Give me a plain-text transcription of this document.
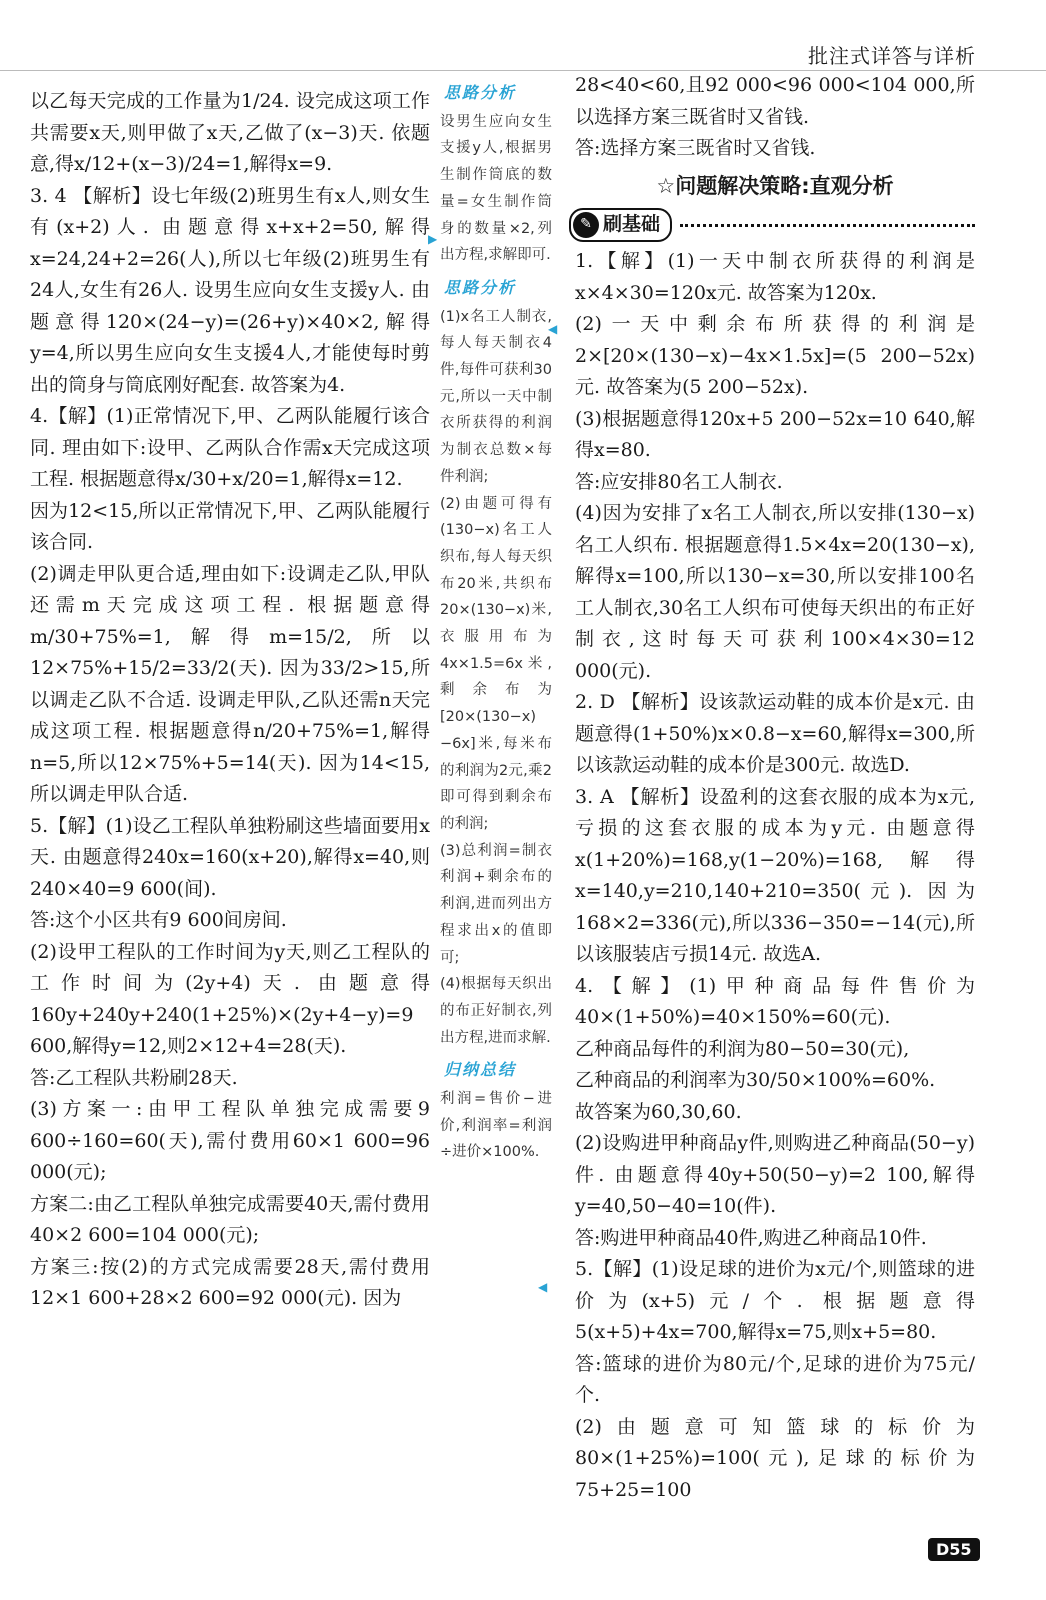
批注式详答与详析

以乙每天完成的工作量为1/24. 设完成这项工作共需要x天,则甲做了x天,乙做了(x−3)天. 依题意,得x/12+(x−3)/24=1,解得x=9.

3. 4 【解析】设七年级(2)班男生有x人,则女生有(x+2)人. 由题意得x+x+2=50,解得x=24,24+2=26(人),所以七年级(2)班男生有24人,女生有26人. 设男生应向女生支援y人. 由题意得120×(24−y)=(26+y)×40×2,解得y=4,所以男生应向女生支援4人,才能使每时剪出的筒身与筒底刚好配套. 故答案为4.

4.【解】(1)正常情况下,甲、乙两队能履行该合同. 理由如下:设甲、乙两队合作需x天完成这项工程. 根据题意得x/30+x/20=1,解得x=12.

因为12<15,所以正常情况下,甲、乙两队能履行该合同.

(2)调走甲队更合适,理由如下:设调走乙队,甲队还需m天完成这项工程. 根据题意得m/30+75%=1,解得m=15/2,所以12×75%+15/2=33/2(天). 因为33/2>15,所以调走乙队不合适. 设调走甲队,乙队还需n天完成这项工程. 根据题意得n/20+75%=1,解得n=5,所以12×75%+5=14(天). 因为14<15,所以调走甲队合适.

5.【解】(1)设乙工程队单独粉刷这些墙面要用x天. 由题意得240x=160(x+20),解得x=40,则240×40=9 600(间).

答:这个小区共有9 600间房间.

(2)设甲工程队的工作时间为y天,则乙工程队的工作时间为(2y+4)天. 由题意得160y+240y+240(1+25%)×(2y+4−y)=9 600,解得y=12,则2×12+4=28(天).

答:乙工程队共粉刷28天.

(3)方案一:由甲工程队单独完成需要9 600÷160=60(天),需付费用60×1 600=96 000(元);

方案二:由乙工程队单独完成需要40天,需付费用40×2 600=104 000(元);

方案三:按(2)的方式完成需要28天,需付费用12×1 600+28×2 600=92 000(元). 因为

思路分析

设男生应向女生支援y人,根据男生制作筒底的数量=女生制作筒身的数量×2,列出方程,求解即可.

思路分析

(1)x名工人制衣,每人每天制衣4件,每件可获利30元,所以一天中制衣所获得的利润为制衣总数×每件利润;

(2)由题可得有(130−x)名工人织布,每人每天织布20米,共织布20×(130−x)米,衣服用布为4x×1.5=6x米,剩余布为[20×(130−x)−6x]米,每米布的利润为2元,乘2即可得到剩余布的利润;

(3)总利润=制衣利润+剩余布的利润,进而列出方程求出x的值即可;

(4)根据每天织出的布正好制衣,列出方程,进而求解.

归纳总结

利润=售价−进价,利润率=利润÷进价×100%.

▶
◀
◀

28<40<60,且92 000<96 000<104 000,所以选择方案三既省时又省钱.

答:选择方案三既省时又省钱.

☆问题解决策略:直观分析
✎ 刷基础

1.【解】(1)一天中制衣所获得的利润是x×4×30=120x元. 故答案为120x.

(2)一天中剩余布所获得的利润是2×[20×(130−x)−4x×1.5x]=(5 200−52x)元. 故答案为(5 200−52x).

(3)根据题意得120x+5 200−52x=10 640,解得x=80.

答:应安排80名工人制衣.

(4)因为安排了x名工人制衣,所以安排(130−x)名工人织布. 根据题意得1.5×4x=20(130−x),解得x=100,所以130−x=30,所以安排100名工人制衣,30名工人织布可使每天织出的布正好制衣,这时每天可获利100×4×30=12 000(元).

2. D 【解析】设该款运动鞋的成本价是x元. 由题意得(1+50%)x×0.8−x=60,解得x=300,所以该款运动鞋的成本价是300元. 故选D.

3. A 【解析】设盈利的这套衣服的成本为x元,亏损的这套衣服的成本为y元. 由题意得x(1+20%)=168,y(1−20%)=168,解得x=140,y=210,140+210=350(元). 因为168×2=336(元),所以336−350=−14(元),所以该服装店亏损14元. 故选A.

4.【解】(1)甲种商品每件售价为40×(1+50%)=40×150%=60(元).

乙种商品每件的利润为80−50=30(元),

乙种商品的利润率为30/50×100%=60%.

故答案为60,30,60.

(2)设购进甲种商品y件,则购进乙种商品(50−y)件. 由题意得40y+50(50−y)=2 100,解得y=40,50−40=10(件).

答:购进甲种商品40件,购进乙种商品10件.

5.【解】(1)设足球的进价为x元/个,则篮球的进价为(x+5)元/个. 根据题意得5(x+5)+4x=700,解得x=75,则x+5=80.

答:篮球的进价为80元/个,足球的进价为75元/个.

(2)由题意可知篮球的标价为80×(1+25%)=100(元),足球的标价为75+25=100

D55
